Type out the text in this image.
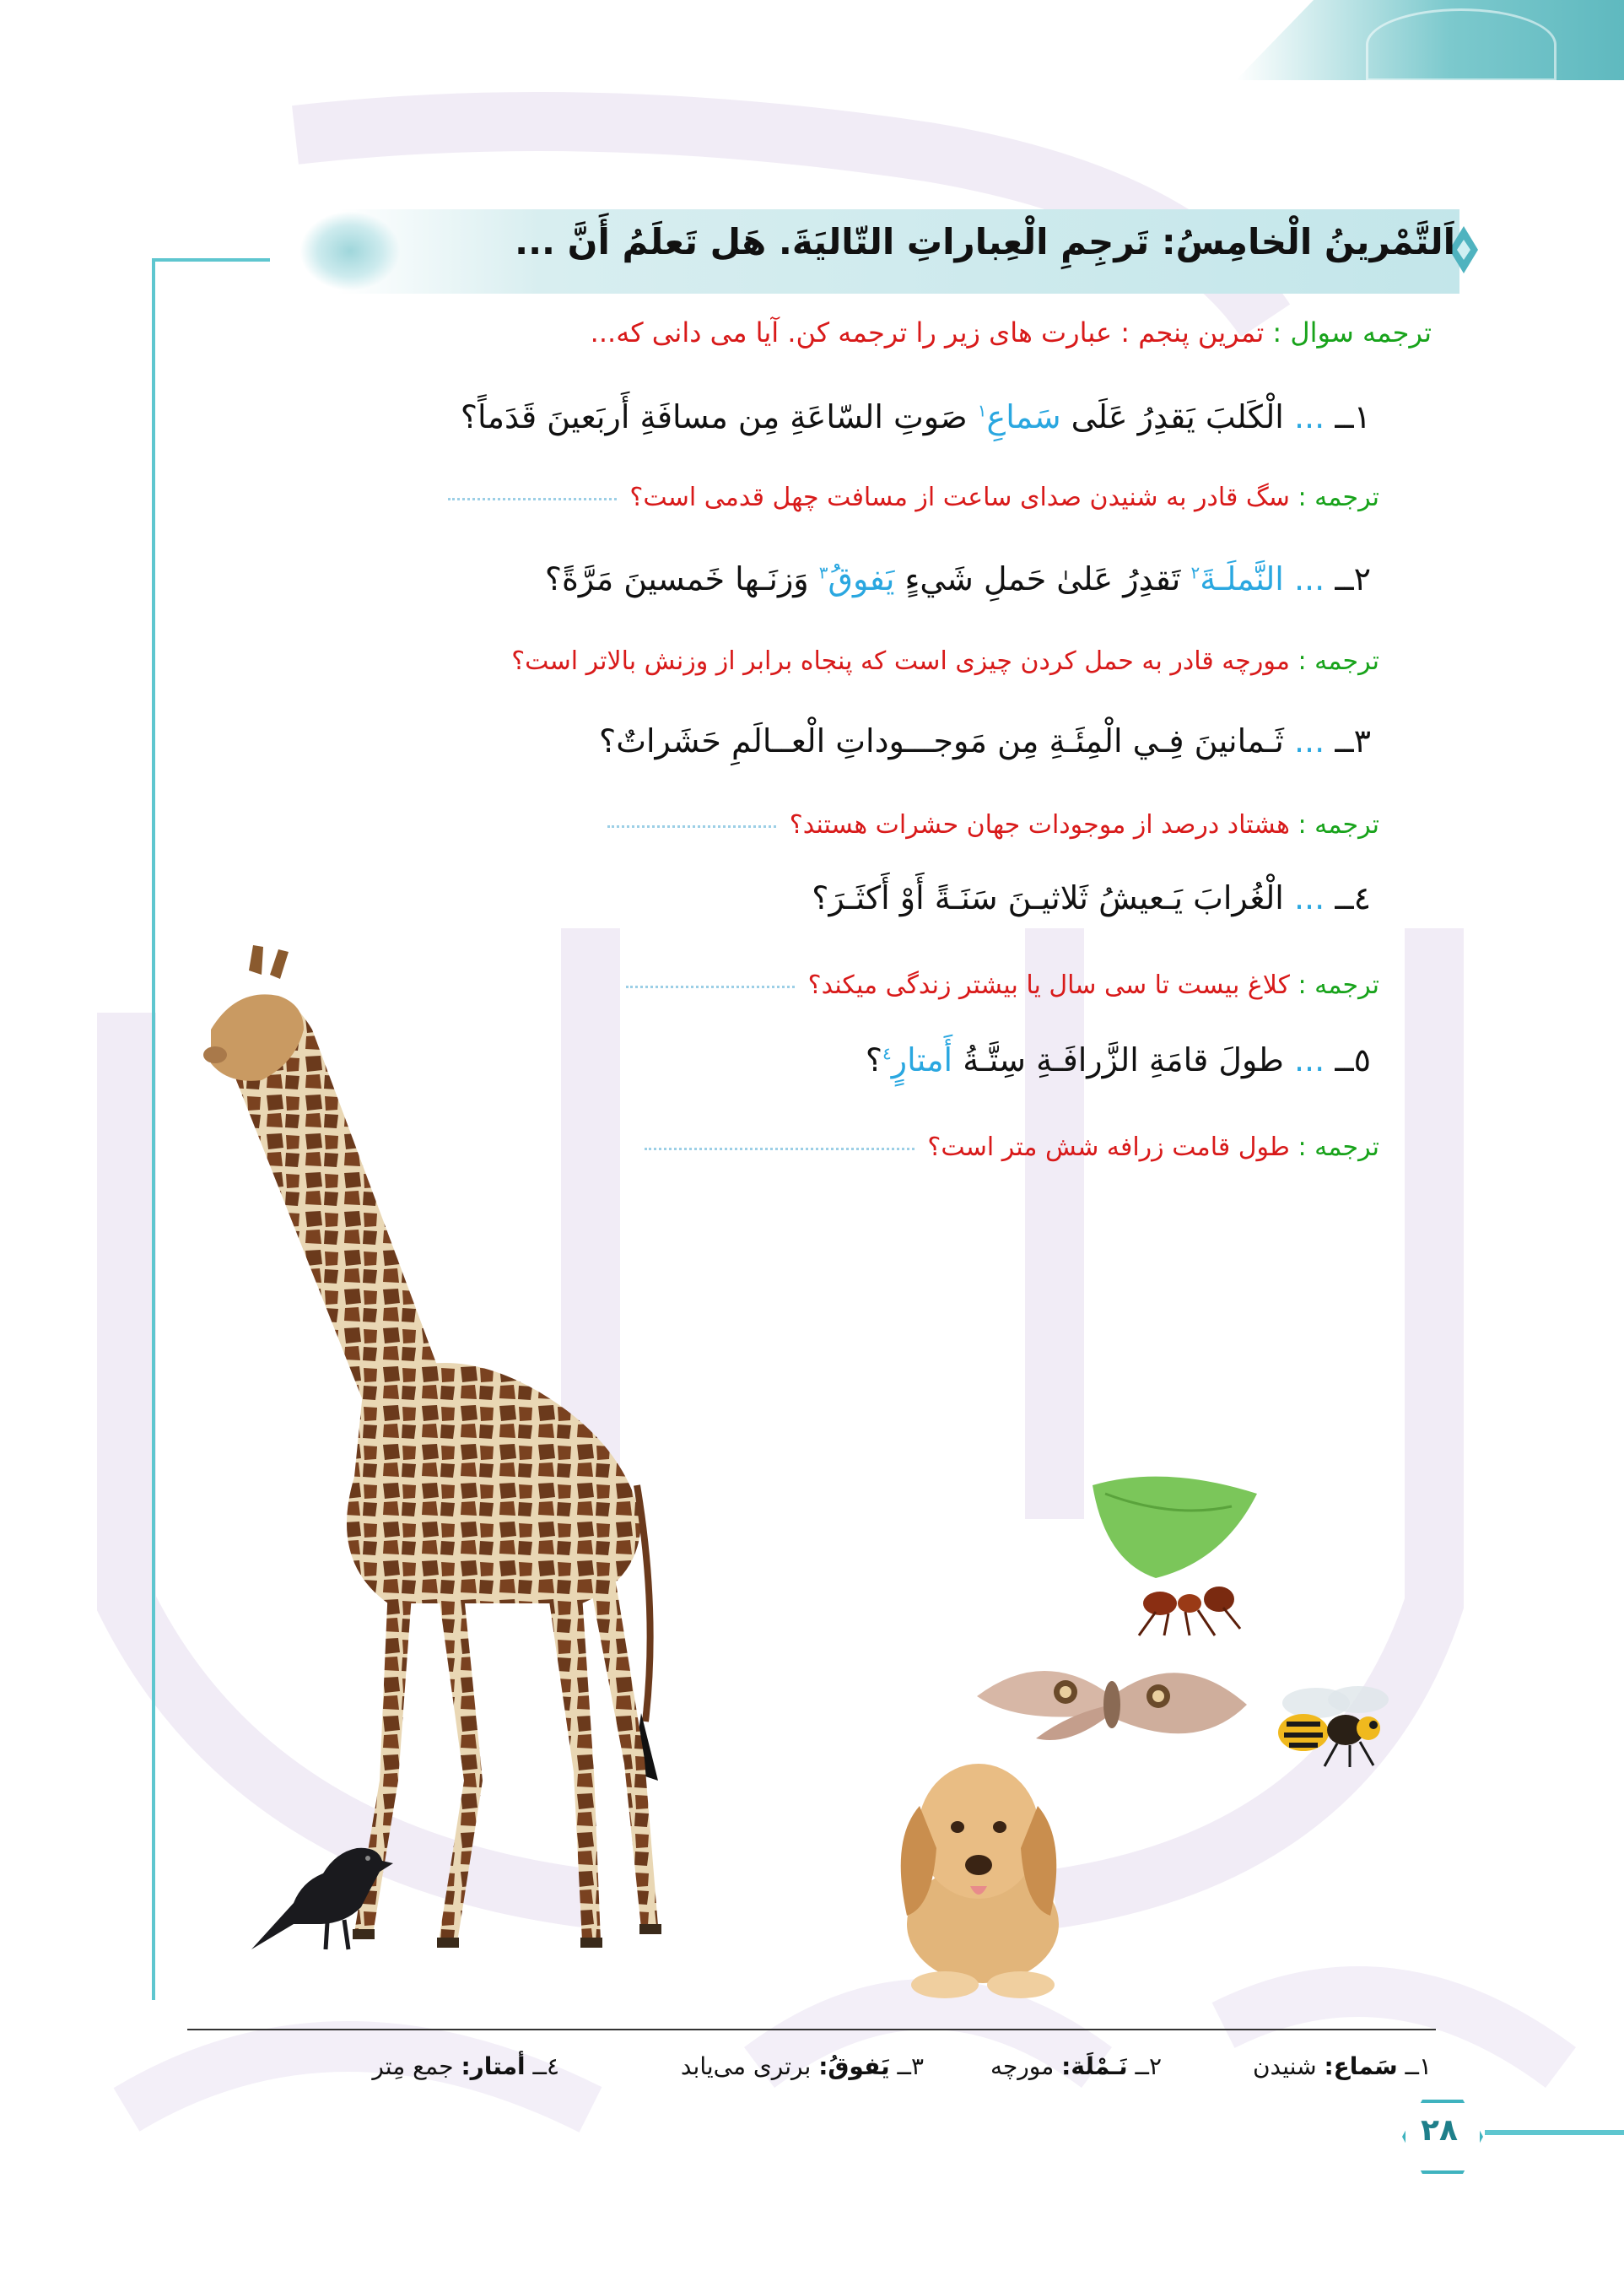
اَلتَّمْرینُ الْخامِسُ: تَرجِمِ الْعِباراتِ التّالیَةَ. هَل تَعلَمُ أَنَّ ...
ترجمه سوال : تمرین پنجم : عبارت های زیر را ترجمه کن. آیا می دانی که...
١ــ ... الْكَلبَ یَقدِرُ عَلَی سَماعِ$^١$ صَوتِ السّاعَةِ مِن مسافَةِ أَربَعینَ قَدَماً؟
ترجمه : سگ قادر به شنیدن صدای ساعت از مسافت چهل قدمی است؟
٢ــ ... النَّملَـةَ$^٢$ تَقدِرُ عَلیٰ حَملِ شَيءٍ یَفوقُ$^٣$ وَزنَـها خَمسینَ مَرَّةً؟
ترجمه : مورچه قادر به حمل کردن چیزی است که پنجاه برابر از وزنش بالاتر است؟
٣ــ ... ثَـمانینَ فِـي الْمِئَـةِ مِن مَوجـــوداتِ الْعــالَمِ حَشَراتٌ؟
ترجمه : هشتاد درصد از موجودات جهان حشرات هستند؟
٤ــ ... الْغُرابَ یَـعیشُ ثَلاثیـنَ سَنَـةً أَوْ أَكثَـرَ؟
ترجمه : کلاغ بیست تا سی سال یا بیشتر زندگی میکند؟
٥ــ ... طولَ قامَةِ الزَّرافَـةِ سِتَّـةُ أَمتارٍ$^٤$؟
ترجمه : طول قامت زرافه شش متر است؟
١ــ سَماع: شنیدن
٢ــ نَـمْلَة: مورچه
٣ــ یَفوقُ: برتری می‌یابد
٤ــ أمتار: جمع مِتر
٢٨
